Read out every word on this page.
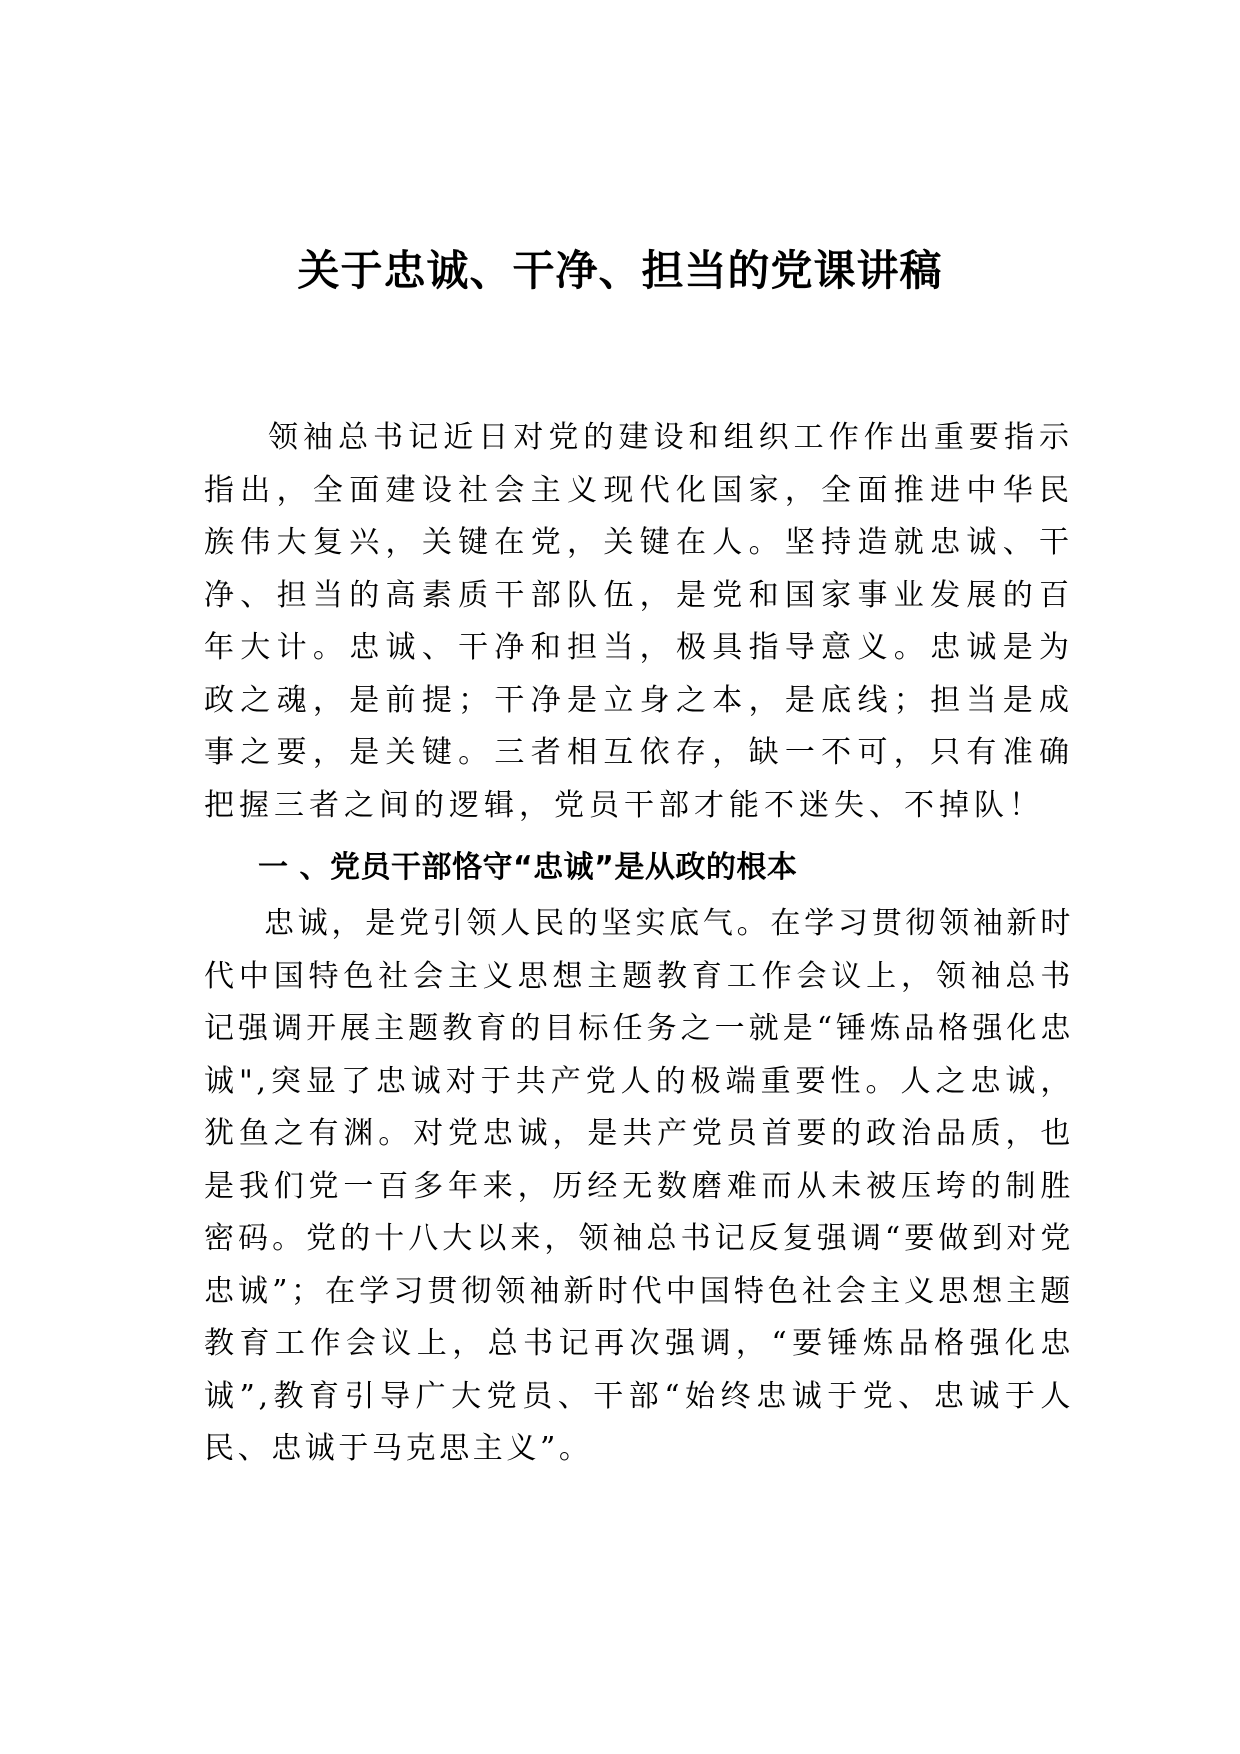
关于忠诚、干净、担当的党课讲稿

领袖总书记近日对党的建设和组织工作作出重要指示指出，全面建设社会主义现代化国家，全面推进中华民族伟大复兴，关键在党，关键在人。坚持造就忠诚、干净、担当的高素质干部队伍，是党和国家事业发展的百年大计。忠诚、干净和担当，极具指导意义。忠诚是为政之魂，是前提；干净是立身之本，是底线；担当是成事之要，是关键。三者相互依存，缺一不可，只有准确把握三者之间的逻辑，党员干部才能不迷失、不掉队！

一 、党员干部恪守“忠诚”是从政的根本

忠诚，是党引领人民的坚实底气。在学习贯彻领袖新时代中国特色社会主义思想主题教育工作会议上，领袖总书记强调开展主题教育的目标任务之一就是“锤炼品格强化忠诚",突显了忠诚对于共产党人的极端重要性。人之忠诚，犹鱼之有渊。对党忠诚，是共产党员首要的政治品质，也是我们党一百多年来，历经无数磨难而从未被压垮的制胜密码。党的十八大以来，领袖总书记反复强调“要做到对党忠诚”；在学习贯彻领袖新时代中国特色社会主义思想主题教育工作会议上，总书记再次强调，“要锤炼品格强化忠诚”,教育引导广大党员、干部“始终忠诚于党、忠诚于人民、忠诚于马克思主义”。
